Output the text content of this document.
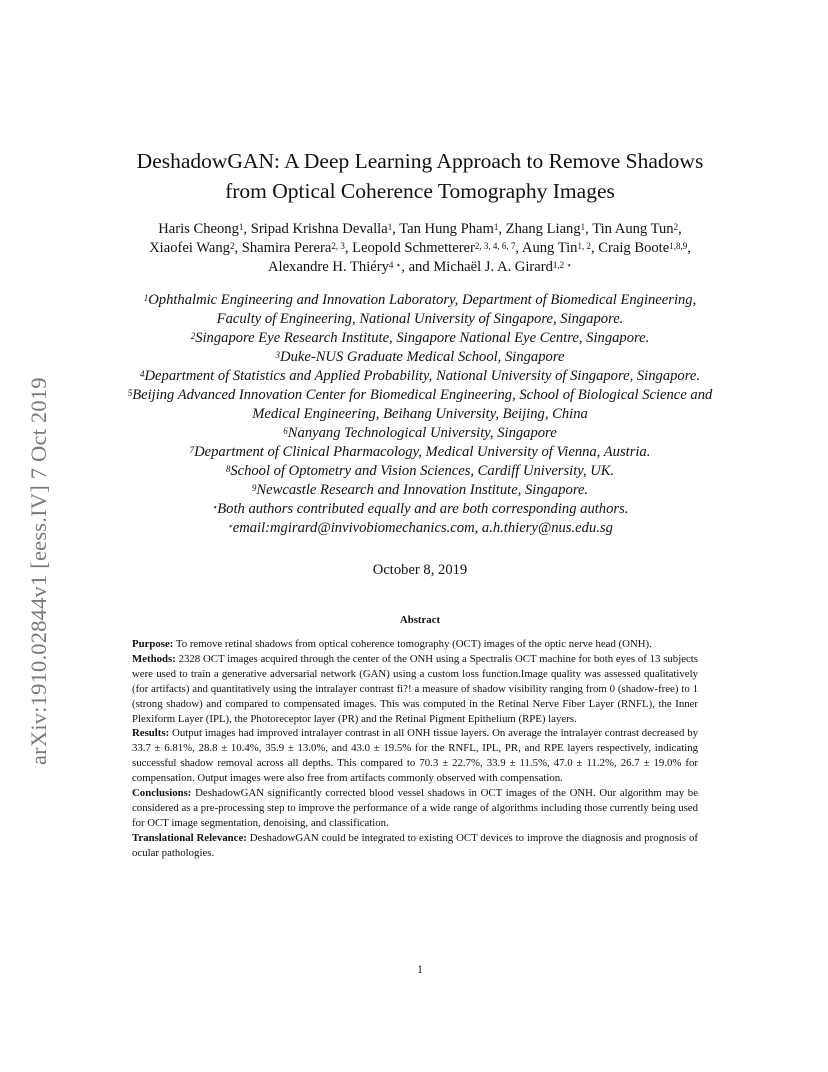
arXiv:1910.02844v1 [eess.IV] 7 Oct 2019
DeshadowGAN: A Deep Learning Approach to Remove Shadows
from Optical Coherence Tomography Images
Haris Cheong$^1$, Sripad Krishna Devalla$^1$, Tan Hung Pham$^1$, Zhang Liang$^1$, Tin Aung Tun$^2$,
Xiaofei Wang$^2$, Shamira Perera$^{2, 3}$, Leopold Schmetterer$^{2, 3, 4, 6, 7}$, Aung Tin$^{1, 2}$, Craig Boote$^{1,8,9}$,
Alexandre H. Thiéry$^{4 ⋆}$, and Michaël J. A. Girard$^{1,2 ⋆}$
$^1$Ophthalmic Engineering and Innovation Laboratory, Department of Biomedical Engineering,
Faculty of Engineering, National University of Singapore, Singapore.
$^2$Singapore Eye Research Institute, Singapore National Eye Centre, Singapore.
$^3$Duke-NUS Graduate Medical School, Singapore
$^4$Department of Statistics and Applied Probability, National University of Singapore, Singapore.
$^5$Beijing Advanced Innovation Center for Biomedical Engineering, School of Biological Science and
Medical Engineering, Beihang University, Beijing, China
$^6$Nanyang Technological University, Singapore
$^7$Department of Clinical Pharmacology, Medical University of Vienna, Austria.
$^8$School of Optometry and Vision Sciences, Cardiff University, UK.
$^9$Newcastle Research and Innovation Institute, Singapore.
⋆Both authors contributed equally and are both corresponding authors.
⋆email:mgirard@invivobiomechanics.com, a.h.thiery@nus.edu.sg
October 8, 2019
Abstract

Purpose: To remove retinal shadows from optical coherence tomography (OCT) images of the optic nerve head (ONH).

Methods: 2328 OCT images acquired through the center of the ONH using a Spectralis OCT machine for both eyes of 13 subjects were used to train a generative adversarial network (GAN) using a custom loss function.Image quality was assessed qualitatively (for artifacts) and quantitatively using the intralayer contrast fi?! a measure of shadow visibility ranging from 0 (shadow-free) to 1 (strong shadow) and compared to compensated images. This was computed in the Retinal Nerve Fiber Layer (RNFL), the Inner Plexiform Layer (IPL), the Photoreceptor layer (PR) and the Retinal Pigment Epithelium (RPE) layers.

Results: Output images had improved intralayer contrast in all ONH tissue layers. On average the intralayer contrast decreased by 33.7 ± 6.81%, 28.8 ± 10.4%, 35.9 ± 13.0%, and 43.0 ± 19.5% for the RNFL, IPL, PR, and RPE layers respectively, indicating successful shadow removal across all depths. This compared to 70.3 ± 22.7%, 33.9 ± 11.5%, 47.0 ± 11.2%, 26.7 ± 19.0% for compensation. Output images were also free from artifacts commonly observed with compensation.

Conclusions: DeshadowGAN significantly corrected blood vessel shadows in OCT images of the ONH. Our algorithm may be considered as a pre-processing step to improve the performance of a wide range of algorithms including those currently being used for OCT image segmentation, denoising, and classification.

Translational Relevance: DeshadowGAN could be integrated to existing OCT devices to improve the diagnosis and prognosis of ocular pathologies.

1
